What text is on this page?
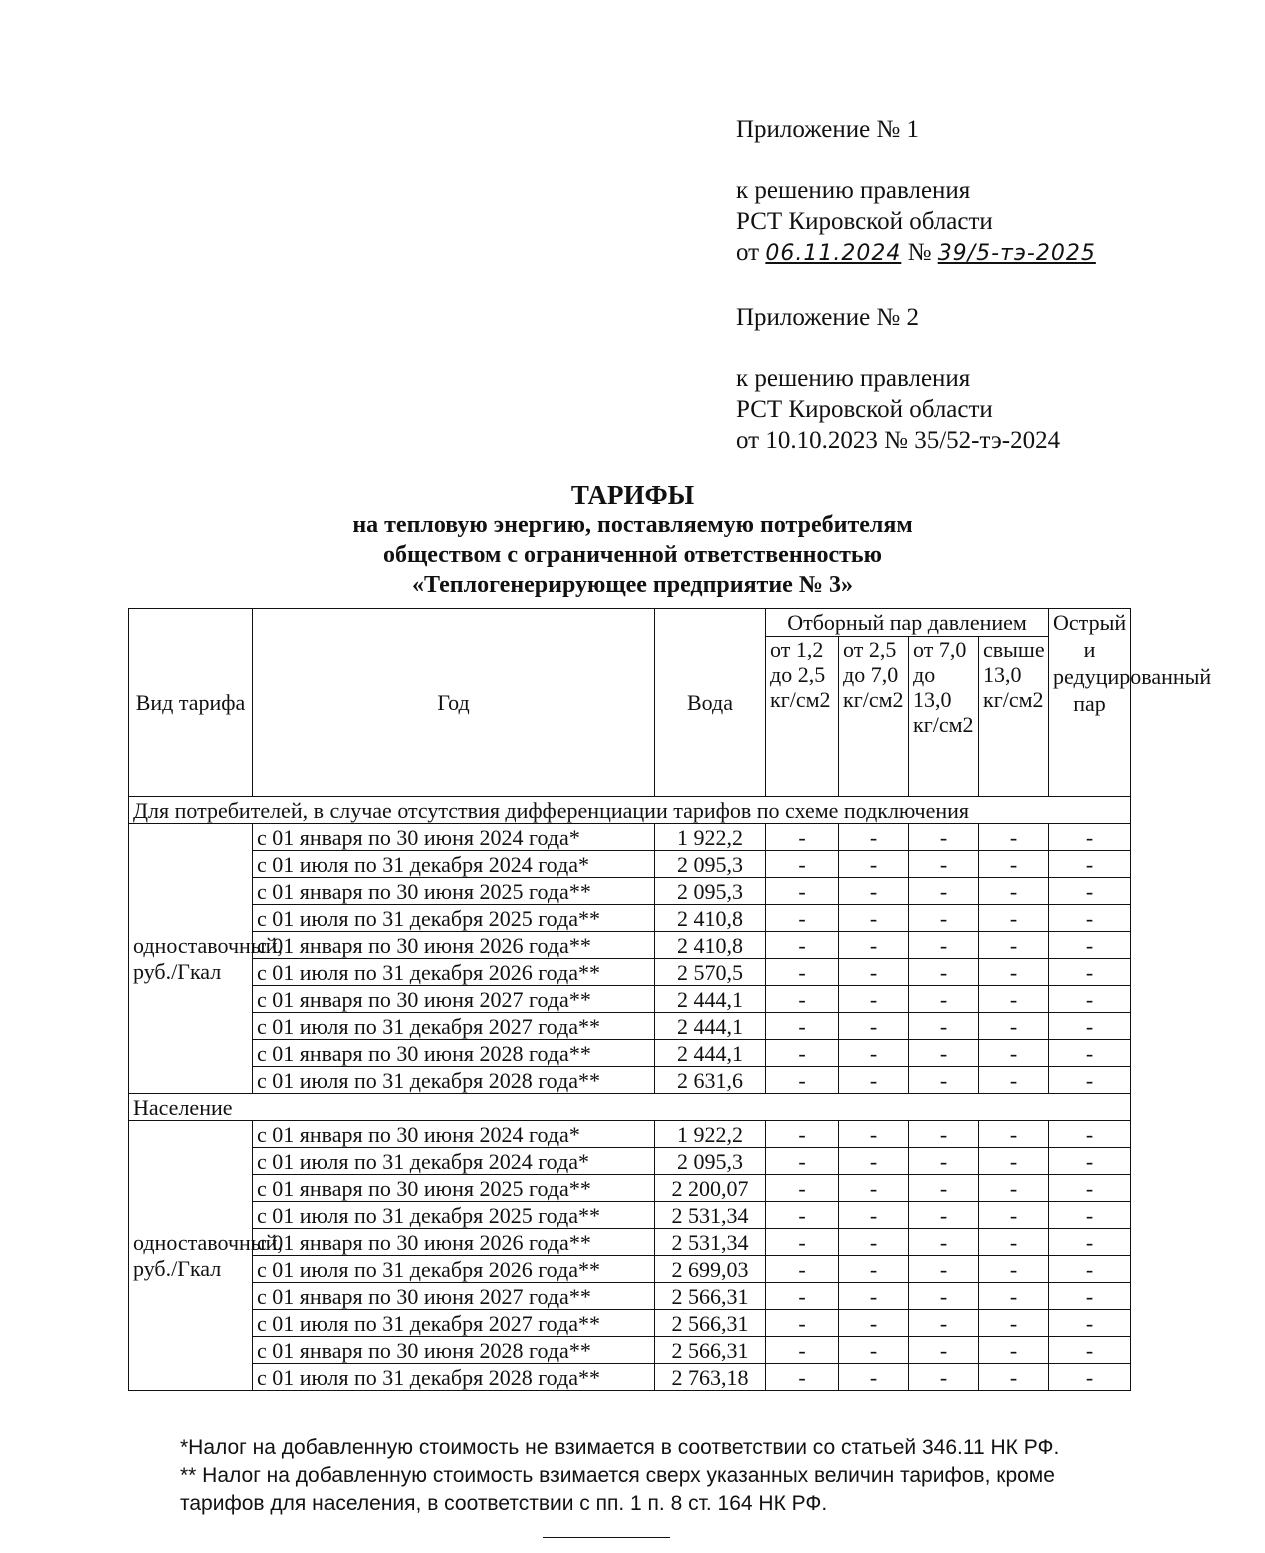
Приложение № 1

к решению правления

РСТ Кировской области

от 06.11.2024 № 39/5-тэ-2025

Приложение № 2

к решению правления

РСТ Кировской области

от 10.10.2023 № 35/52-тэ-2024

ТАРИФЫ
на тепловую энергию, поставляемую потребителям
обществом с ограниченной ответственностью
«Теплогенерирующее предприятие № 3»
Вид тарифа	Год	Вода	Отборный пар давлением				Острый и редуцированный пар
			от 1,2 до 2,5 кг/см2	от 2,5 до 7,0 кг/см2	от 7,0 до 13,0 кг/см2	свыше 13,0 кг/см2	
Для потребителей, в случае отсутствия дифференциации тарифов по схеме подключения							
одноставочный, руб./Гкал	с 01 января по 30 июня 2024 года*	1 922,2	-	-	-	-	-
	с 01 июля по 31 декабря 2024 года*	2 095,3	-	-	-	-	-
	с 01 января по 30 июня 2025 года**	2 095,3	-	-	-	-	-
	с 01 июля по 31 декабря 2025 года**	2 410,8	-	-	-	-	-
	с 01 января по 30 июня 2026 года**	2 410,8	-	-	-	-	-
	с 01 июля по 31 декабря 2026 года**	2 570,5	-	-	-	-	-
	с 01 января по 30 июня 2027 года**	2 444,1	-	-	-	-	-
	с 01 июля по 31 декабря 2027 года**	2 444,1	-	-	-	-	-
	с 01 января по 30 июня 2028 года**	2 444,1	-	-	-	-	-
	с 01 июля по 31 декабря 2028 года**	2 631,6	-	-	-	-	-
Население							
одноставочный, руб./Гкал	с 01 января по 30 июня 2024 года*	1 922,2	-	-	-	-	-
	с 01 июля по 31 декабря 2024 года*	2 095,3	-	-	-	-	-
	с 01 января по 30 июня 2025 года**	2 200,07	-	-	-	-	-
	с 01 июля по 31 декабря 2025 года**	2 531,34	-	-	-	-	-
	с 01 января по 30 июня 2026 года**	2 531,34	-	-	-	-	-
	с 01 июля по 31 декабря 2026 года**	2 699,03	-	-	-	-	-
	с 01 января по 30 июня 2027 года**	2 566,31	-	-	-	-	-
	с 01 июля по 31 декабря 2027 года**	2 566,31	-	-	-	-	-
	с 01 января по 30 июня 2028 года**	2 566,31	-	-	-	-	-
	с 01 июля по 31 декабря 2028 года**	2 763,18	-	-	-	-	-

*Налог на добавленную стоимость не взимается в соответствии со статьей 346.11 НК РФ.

** Налог на добавленную стоимость взимается сверх указанных величин тарифов, кроме тарифов для населения, в соответствии с пп. 1 п. 8 ст. 164 НК РФ.
